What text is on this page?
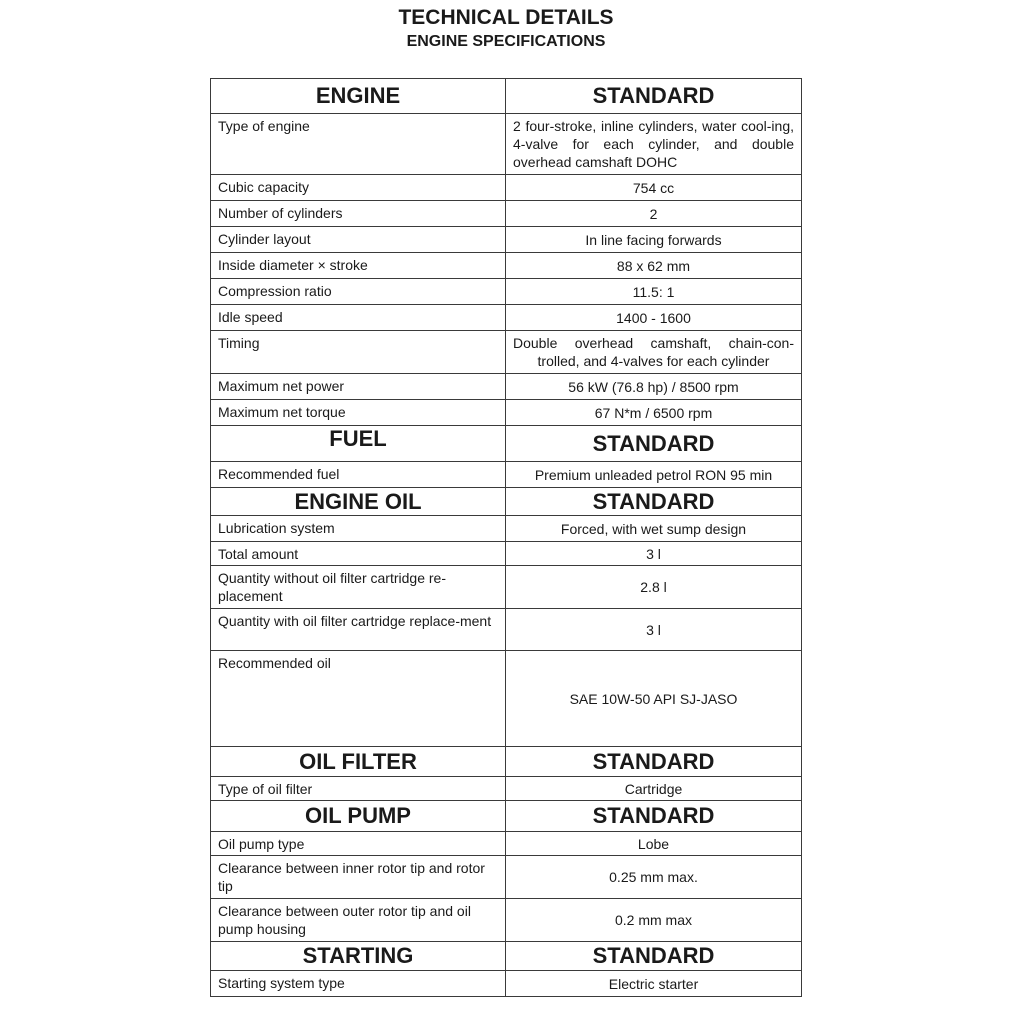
TECHNICAL DETAILS
ENGINE SPECIFICATIONS
ENGINE	STANDARD
Type of engine	2 four-stroke, inline cylinders, water cool-ing, 4-valve for each cylinder, and double overhead camshaft DOHC
Cubic capacity	754 cc
Number of cylinders	2
Cylinder layout	In line facing forwards
Inside diameter × stroke	88 x 62 mm
Compression ratio	11.5: 1
Idle speed	1400 - 1600
Timing	Double overhead camshaft, chain-con-trolled, and 4-valves for each cylinder
Maximum net power	56 kW (76.8 hp) / 8500 rpm
Maximum net torque	67 N*m / 6500 rpm
FUEL	STANDARD
Recommended fuel	Premium unleaded petrol RON 95 min
ENGINE OIL	STANDARD
Lubrication system	Forced, with wet sump design
Total amount	3 l
Quantity without oil filter cartridge re-placement	2.8 l
Quantity with oil filter cartridge replace-ment	3 l
Recommended oil	SAE 10W-50 API SJ-JASO
OIL FILTER	STANDARD
Type of oil filter	Cartridge
OIL PUMP	STANDARD
Oil pump type	Lobe
Clearance between inner rotor tip and rotor tip	0.25 mm max.
Clearance between outer rotor tip and oil pump housing	0.2 mm max
STARTING	STANDARD
Starting system type	Electric starter
